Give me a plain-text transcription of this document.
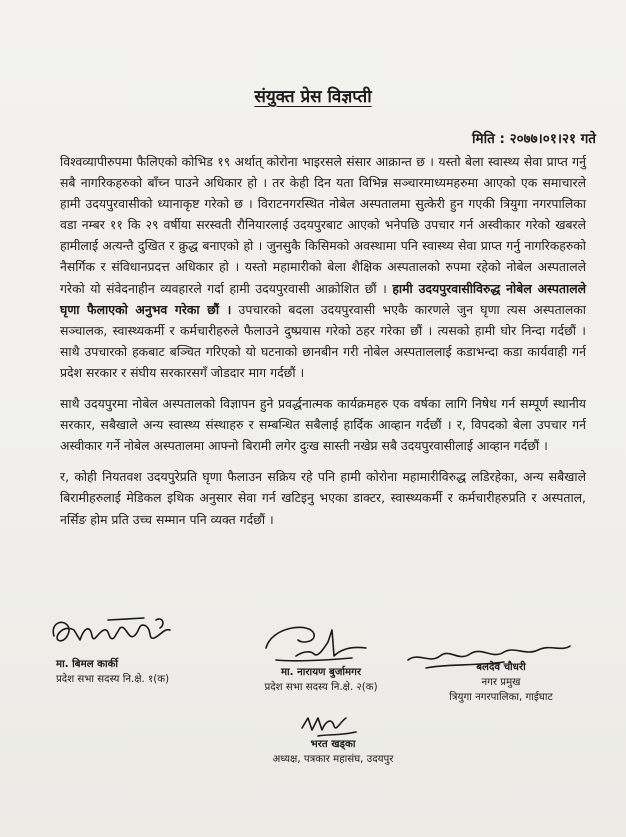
संयुक्त प्रेस विज्ञप्ती
मिति : २०७७।०१।२१ गते

विश्वव्यापीरुपमा फैलिएको कोभिड १९ अर्थात् कोरोना भाइरसले संसार आक्रान्त छ । यस्तो बेला स्वास्थ्य सेवा प्राप्त गर्नु सबै नागरिकहरुको बाँच्न पाउने अधिकार हो । तर केही दिन यता विभिन्न सञ्चारमाध्यमहरुमा आएको एक समाचारले हामी उदयपुरवासीको ध्यानाकृष्ट गरेको छ । विराटनगरस्थित नोबेल अस्पतालमा सुत्केरी हुन गएकी त्रियुगा नगरपालिका वडा नम्बर ११ कि २९ वर्षीया सरस्वती रौनियारलाई उदयपुरबाट आएको भनेपछि उपचार गर्न अस्वीकार गरेको खबरले हामीलाई अत्यन्तै दुखित र क्रुद्ध बनाएको हो । जुनसुकै किसिमको अवस्थामा पनि स्वास्थ्य सेवा प्राप्त गर्नु नागरिकहरुको नैसर्गिक र संविधानप्रदत्त अधिकार हो । यस्तो महामारीको बेला शैक्षिक अस्पतालको रुपमा रहेको नोबेल अस्पतालले गरेको यो संवेदनाहीन व्यवहारले गर्दा हामी उदयपुरवासी आक्रोशित छौं । हामी उदयपुरवासीविरुद्ध नोबेल अस्पतालले घृणा फैलाएको अनुभव गरेका छौं । उपचारको बदला उदयपुरवासी भएकै कारणले जुन घृणा त्यस अस्पतालका सञ्चालक, स्वास्थ्यकर्मी र कर्मचारीहरुले फैलाउने दुष्प्रयास गरेको ठहर गरेका छौं । त्यसको हामी घोर निन्दा गर्दछौं । साथै उपचारको हकबाट बञ्चित गरिएको यो घटनाको छानबीन गरी नोबेल अस्पताललाई कडाभन्दा कडा कार्यवाही गर्न प्रदेश सरकार र संघीय सरकारसगँ जोडदार माग गर्दछौं ।

साथै उदयपुरमा नोबेल अस्पतालको विज्ञापन हुने प्रवर्द्धनात्मक कार्यक्रमहरु एक वर्षका लागि निषेध गर्न सम्पूर्ण स्थानीय सरकार, सबैखाले अन्य स्वास्थ्य संस्थाहरु र सम्बन्धित सबैलाई हार्दिक आव्हान गर्दछौं । र, विपदको बेला उपचार गर्न अस्वीकार गर्ने नोबेल अस्पतालमा आफ्नो बिरामी लगेर दुःख सास्ती नखेप्न सबै उदयपुरवासीलाई आव्हान गर्दछौं ।

र, कोही नियतवश उदयपुरेप्रति घृणा फैलाउन सक्रिय रहे पनि हामी कोरोना महामारीविरुद्ध लडिरहेका, अन्य सबैखाले बिरामीहरुलाई मेडिकल इथिक अनुसार सेवा गर्न खटिइनु भएका डाक्टर, स्वास्थ्यकर्मी र कर्मचारीहरुप्रति र अस्पताल, नर्सिङ होम प्रति उच्च सम्मान पनि व्यक्त गर्दछौं ।

मा. बिमल कार्की
प्रदेश सभा सदस्य नि.क्षे. १(क)
मा. नारायण बुर्जामगर
प्रदेश सभा सदस्य नि.क्षे. २(क)
बलदेव चौधरी
नगर प्रमुख
त्रियुगा नगरपालिका, गाईघाट
भरत खड्का
अध्यक्ष, पत्रकार महासंघ, उदयपुर
